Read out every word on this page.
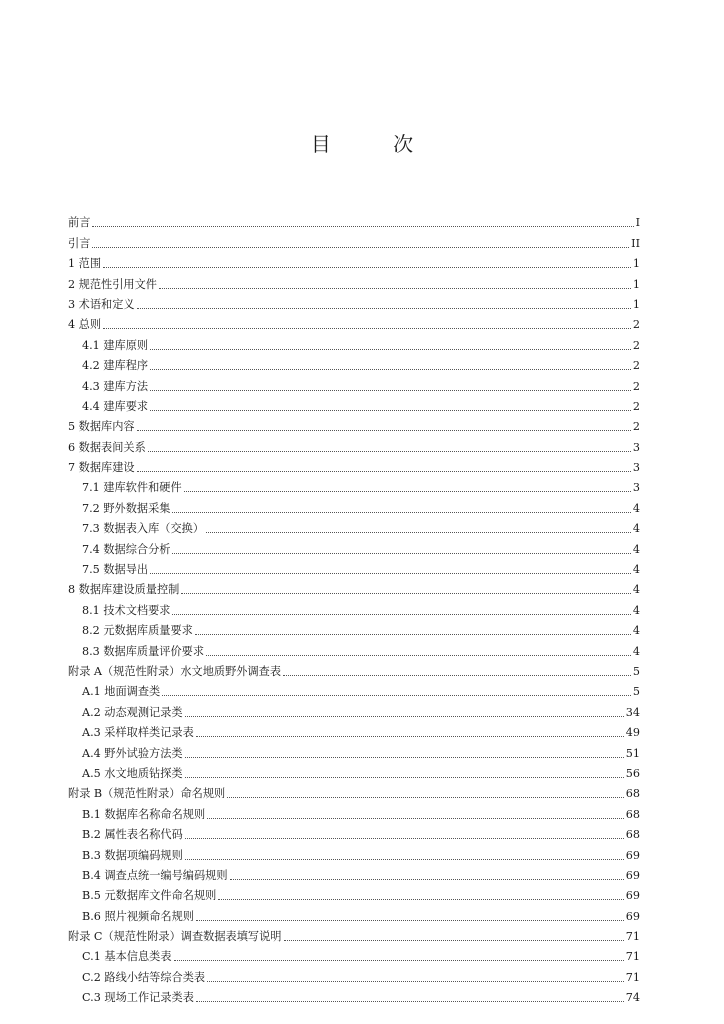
目 次
前言	I
引言	II
1 范围	1
2 规范性引用文件	1
3 术语和定义	1
4 总则	2
4.1 建库原则	2
4.2 建库程序	2
4.3 建库方法	2
4.4 建库要求	2
5 数据库内容	2
6 数据表间关系	3
7 数据库建设	3
7.1 建库软件和硬件	3
7.2 野外数据采集	4
7.3 数据表入库（交换）	4
7.4 数据综合分析	4
7.5 数据导出	4
8 数据库建设质量控制	4
8.1 技术文档要求	4
8.2 元数据库质量要求	4
8.3 数据库质量评价要求	4
附录 A（规范性附录）水文地质野外调查表	5
A.1 地面调查类	5
A.2 动态观测记录类	34
A.3 采样取样类记录表	49
A.4 野外试验方法类	51
A.5 水文地质钻探类	56
附录 B（规范性附录）命名规则	68
B.1 数据库名称命名规则	68
B.2 属性表名称代码	68
B.3 数据项编码规则	69
B.4 调查点统一编号编码规则	69
B.5 元数据库文件命名规则	69
B.6 照片视频命名规则	69
附录 C（规范性附录）调查数据表填写说明	71
C.1 基本信息类表	71
C.2 路线小结等综合类表	71
C.3 现场工作记录类表	74
